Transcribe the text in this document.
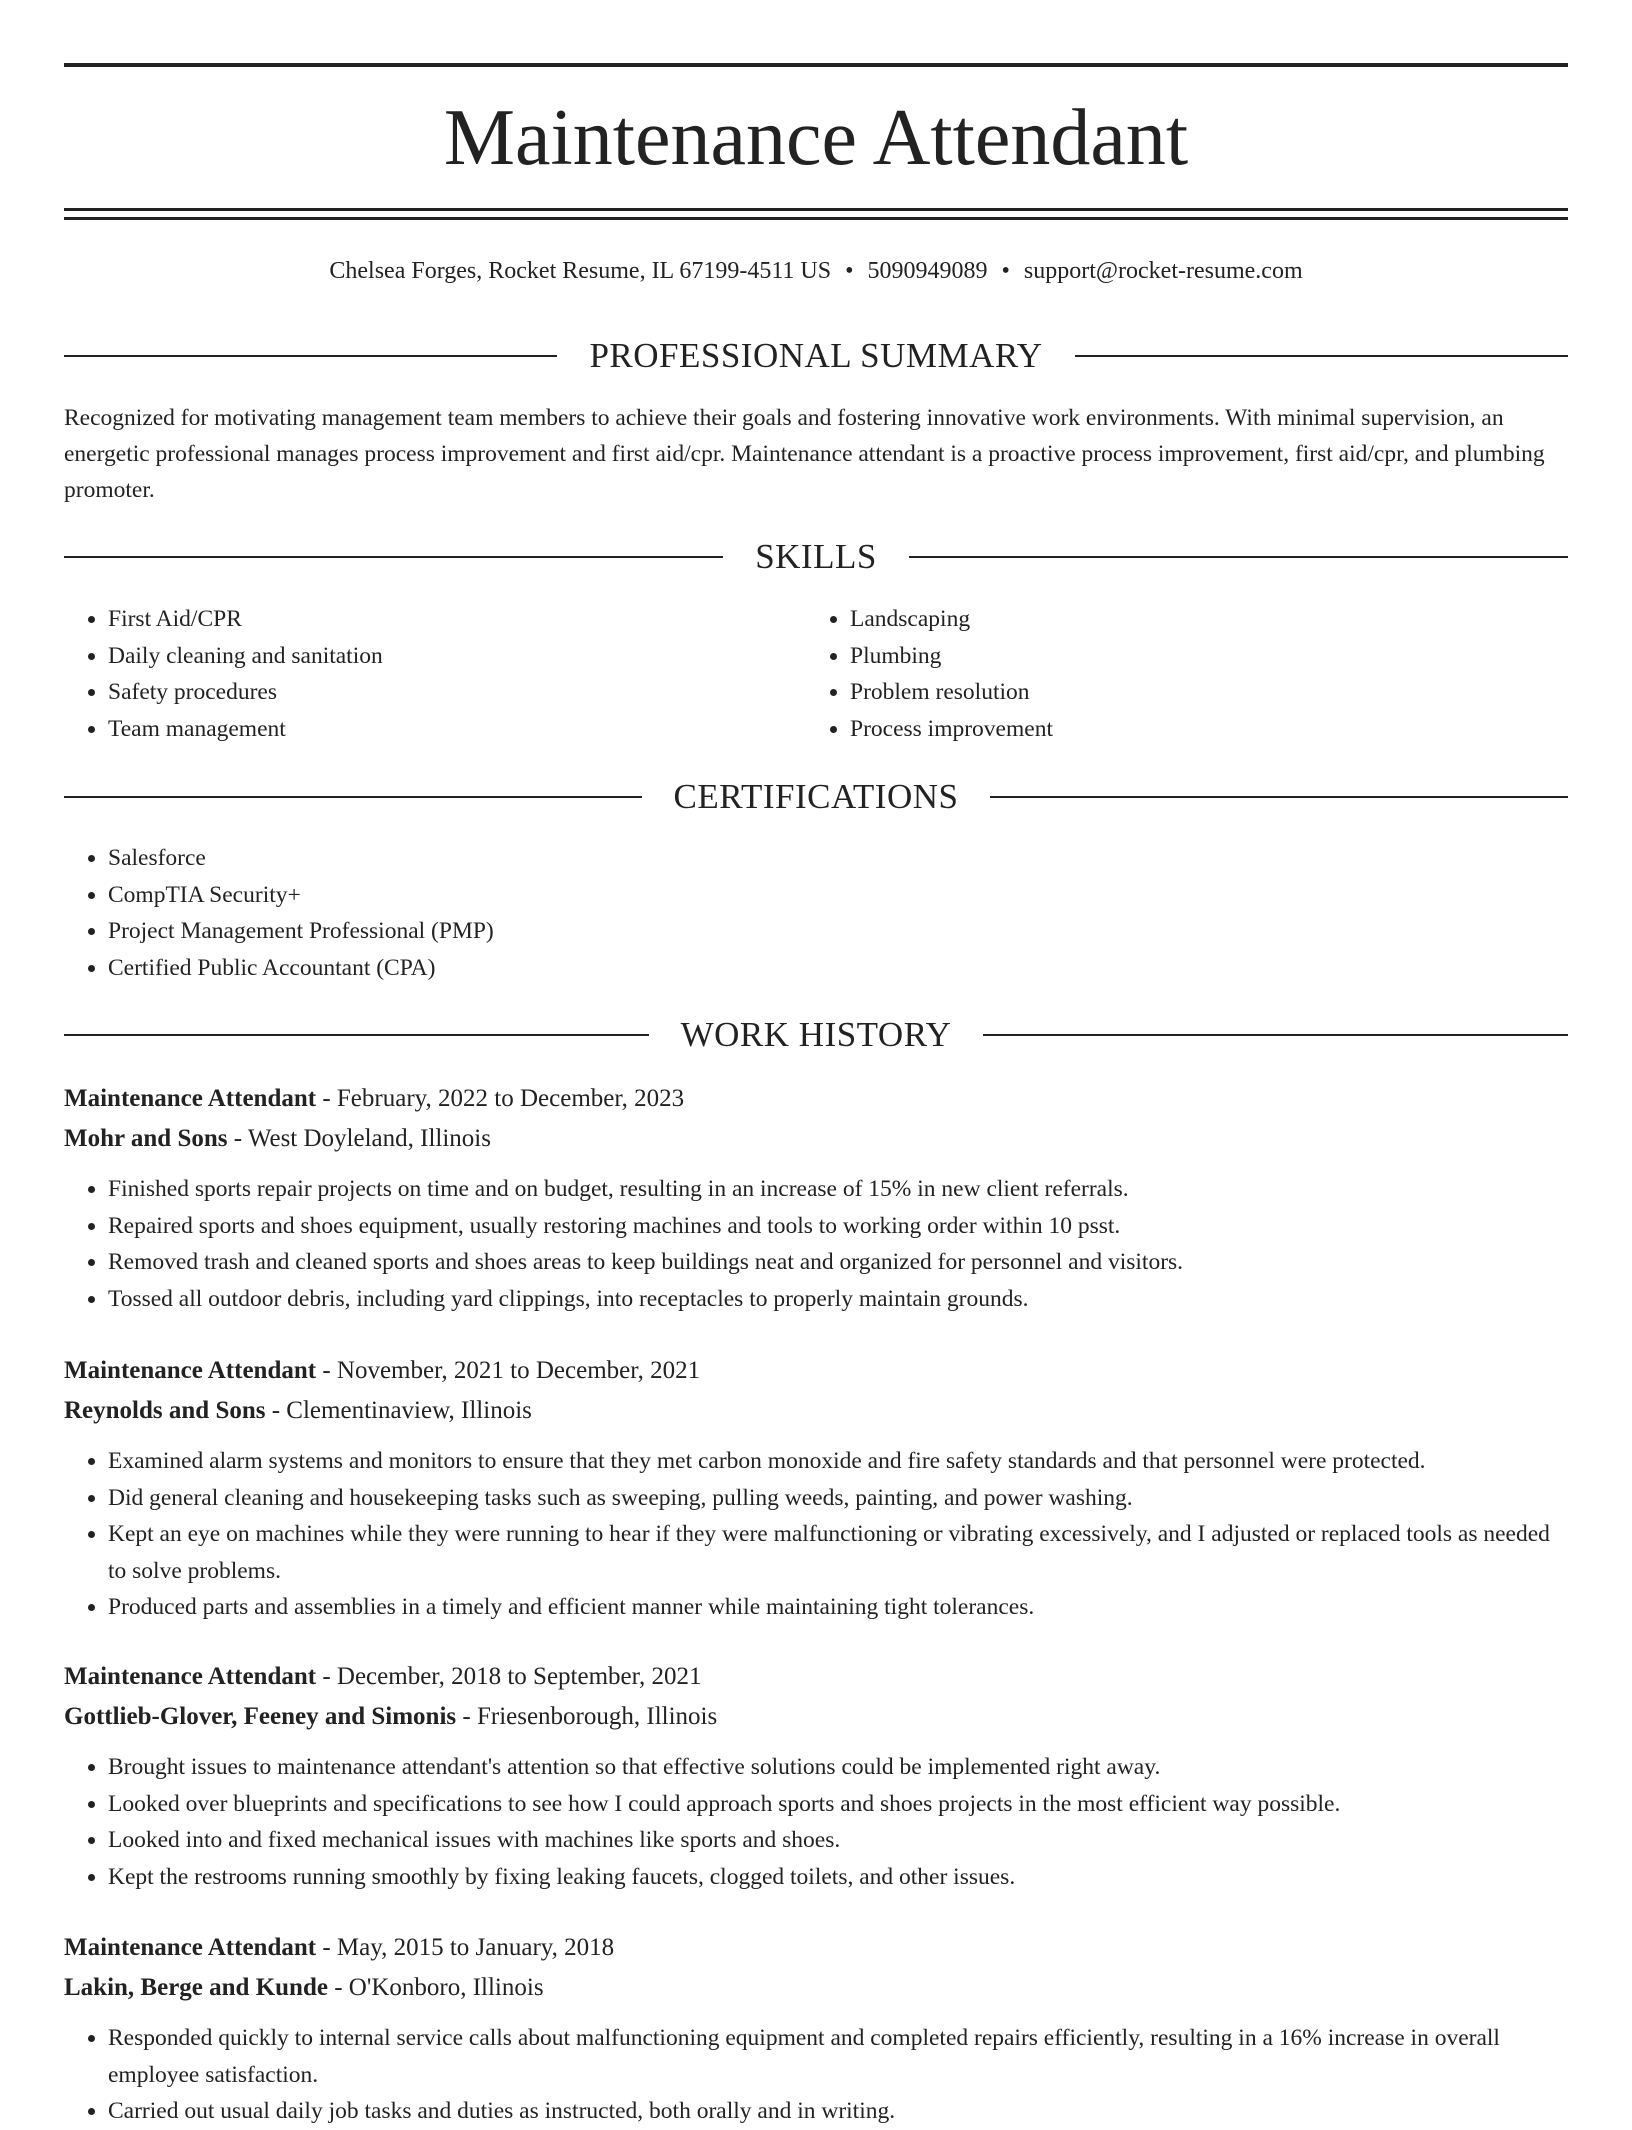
Maintenance Attendant
Chelsea Forges, Rocket Resume, IL 67199-4511 US • 5090949089 • support@rocket-resume.com
PROFESSIONAL SUMMARY

Recognized for motivating management team members to achieve their goals and fostering innovative work environments. With minimal supervision, an energetic professional manages process improvement and first aid/cpr. Maintenance attendant is a proactive process improvement, first aid/cpr, and plumbing promoter.

SKILLS
• First Aid/CPR
• Daily cleaning and sanitation
• Safety procedures
• Team management
• Landscaping
• Plumbing
• Problem resolution
• Process improvement
CERTIFICATIONS
• Salesforce
• CompTIA Security+
• Project Management Professional (PMP)
• Certified Public Accountant (CPA)
WORK HISTORY
Maintenance Attendant - February, 2022 to December, 2023
Mohr and Sons - West Doyleland, Illinois
• Finished sports repair projects on time and on budget, resulting in an increase of 15% in new client referrals.
• Repaired sports and shoes equipment, usually restoring machines and tools to working order within 10 psst.
• Removed trash and cleaned sports and shoes areas to keep buildings neat and organized for personnel and visitors.
• Tossed all outdoor debris, including yard clippings, into receptacles to properly maintain grounds.
Maintenance Attendant - November, 2021 to December, 2021
Reynolds and Sons - Clementinaview, Illinois
• Examined alarm systems and monitors to ensure that they met carbon monoxide and fire safety standards and that personnel were protected.
• Did general cleaning and housekeeping tasks such as sweeping, pulling weeds, painting, and power washing.
• Kept an eye on machines while they were running to hear if they were malfunctioning or vibrating excessively, and I adjusted or replaced tools as needed to solve problems.
• Produced parts and assemblies in a timely and efficient manner while maintaining tight tolerances.
Maintenance Attendant - December, 2018 to September, 2021
Gottlieb-Glover, Feeney and Simonis - Friesenborough, Illinois
• Brought issues to maintenance attendant's attention so that effective solutions could be implemented right away.
• Looked over blueprints and specifications to see how I could approach sports and shoes projects in the most efficient way possible.
• Looked into and fixed mechanical issues with machines like sports and shoes.
• Kept the restrooms running smoothly by fixing leaking faucets, clogged toilets, and other issues.
Maintenance Attendant - May, 2015 to January, 2018
Lakin, Berge and Kunde - O'Konboro, Illinois
• Responded quickly to internal service calls about malfunctioning equipment and completed repairs efficiently, resulting in a 16% increase in overall employee satisfaction.
• Carried out usual daily job tasks and duties as instructed, both orally and in writing.
